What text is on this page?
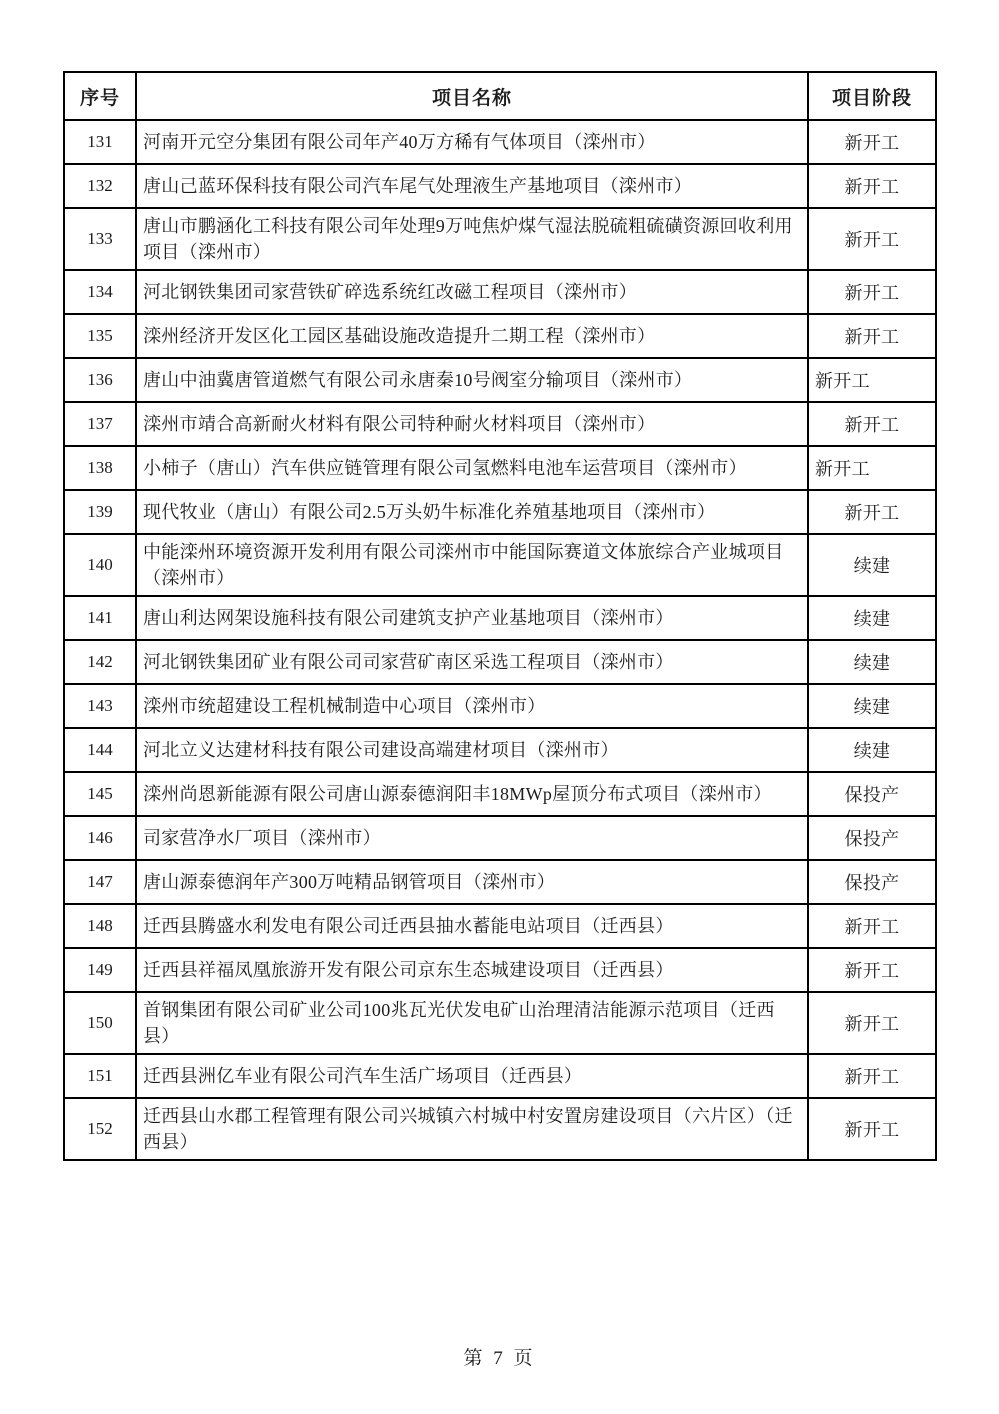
序号	项目名称	项目阶段
131	河南开元空分集团有限公司年产40万方稀有气体项目（滦州市）	新开工
132	唐山己蓝环保科技有限公司汽车尾气处理液生产基地项目（滦州市）	新开工
133	唐山市鹏涵化工科技有限公司年处理9万吨焦炉煤气湿法脱硫粗硫磺资源回收利用项目（滦州市）	新开工
134	河北钢铁集团司家营铁矿碎选系统红改磁工程项目（滦州市）	新开工
135	滦州经济开发区化工园区基础设施改造提升二期工程（滦州市）	新开工
136	唐山中油冀唐管道燃气有限公司永唐秦10号阀室分输项目（滦州市）	新开工
137	滦州市靖合高新耐火材料有限公司特种耐火材料项目（滦州市）	新开工
138	小柿子（唐山）汽车供应链管理有限公司氢燃料电池车运营项目（滦州市）	新开工
139	现代牧业（唐山）有限公司2.5万头奶牛标准化养殖基地项目（滦州市）	新开工
140	中能滦州环境资源开发利用有限公司滦州市中能国际赛道文体旅综合产业城项目（滦州市）	续建
141	唐山利达网架设施科技有限公司建筑支护产业基地项目（滦州市）	续建
142	河北钢铁集团矿业有限公司司家营矿南区采选工程项目（滦州市）	续建
143	滦州市统超建设工程机械制造中心项目（滦州市）	续建
144	河北立义达建材科技有限公司建设高端建材项目（滦州市）	续建
145	滦州尚恩新能源有限公司唐山源泰德润阳丰18MWp屋顶分布式项目（滦州市）	保投产
146	司家营净水厂项目（滦州市）	保投产
147	唐山源泰德润年产300万吨精品钢管项目（滦州市）	保投产
148	迁西县腾盛水利发电有限公司迁西县抽水蓄能电站项目（迁西县）	新开工
149	迁西县祥福凤凰旅游开发有限公司京东生态城建设项目（迁西县）	新开工
150	首钢集团有限公司矿业公司100兆瓦光伏发电矿山治理清洁能源示范项目（迁西县）	新开工
151	迁西县洲亿车业有限公司汽车生活广场项目（迁西县）	新开工
152	迁西县山水郡工程管理有限公司兴城镇六村城中村安置房建设项目（六片区）（迁西县）	新开工
第 7 页
